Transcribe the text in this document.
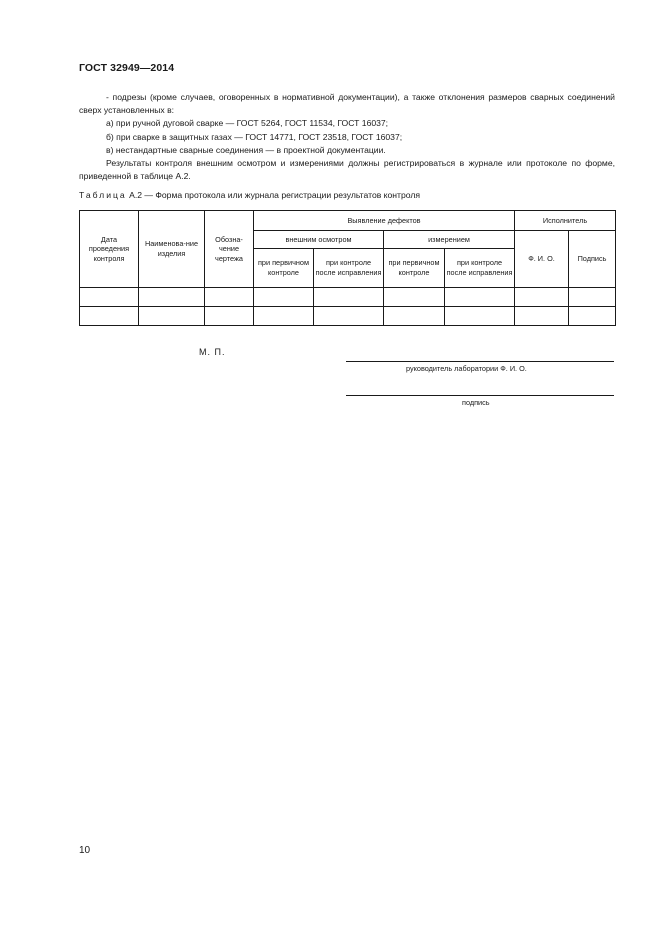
ГОСТ 32949—2014

- подрезы (кроме случаев, оговоренных в нормативной документации), а также отклонения размеров сварных соединений сверх установленных в:

а) при ручной дуговой сварке — ГОСТ 5264, ГОСТ 11534, ГОСТ 16037;

б) при сварке в защитных газах — ГОСТ 14771, ГОСТ 23518, ГОСТ 16037;

в) нестандартные сварные соединения — в проектной документации.

Результаты контроля внешним осмотром и измерениями должны регистрироваться в журнале или протоколе по форме, приведенной в таблице А.2.

Таблица А.2 — Форма протокола или журнала регистрации результатов контроля
Дата проведения контроля	Наименова-ние изделия	Обозна-чение чертежа	Выявление дефектов				Исполнитель	
			внешним осмотром		измерением		Ф. И. О.	Подпись
			при первичном контроле	при контроле после исправления	при первичном контроле	при контроле после исправления		

М. П.
руководитель лаборатории Ф. И. О.
подпись
10
